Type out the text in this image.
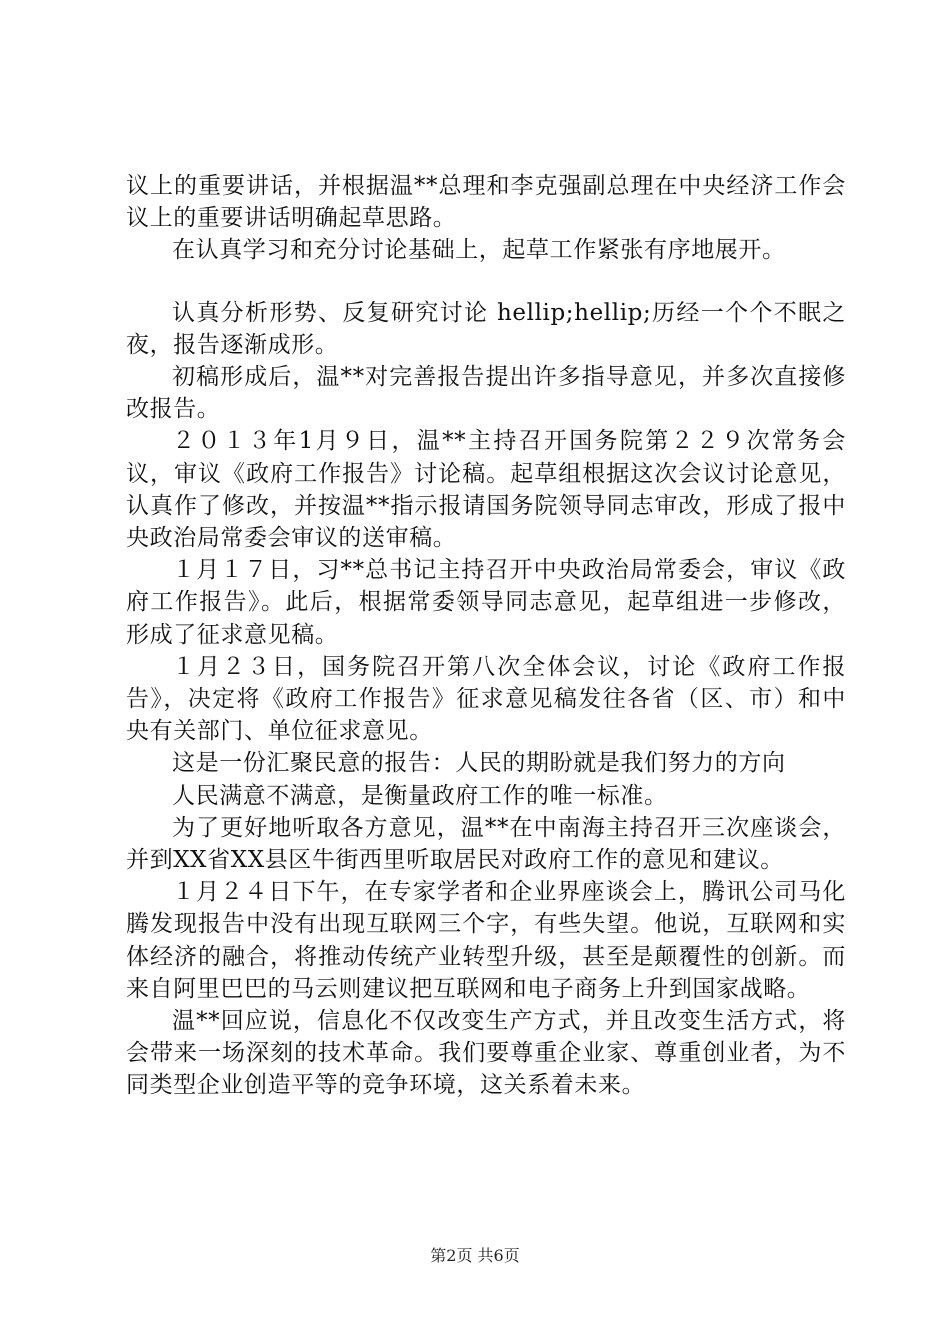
议上的重要讲话，并根据温**总理和李克强副总理在中央经济工作会议上的重要讲话明确起草思路。

在认真学习和充分讨论基础上，起草工作紧张有序地展开。

认真分析形势、反复研究讨论 hellip;hellip;历经一个个不眠之夜，报告逐渐成形。

初稿形成后，温**对完善报告提出许多指导意见，并多次直接修改报告。

２０１３年1月９日，温**主持召开国务院第２２９次常务会议，审议《政府工作报告》讨论稿。起草组根据这次会议讨论意见，认真作了修改，并按温**指示报请国务院领导同志审改，形成了报中央政治局常委会审议的送审稿。

１月１７日，习**总书记主持召开中央政治局常委会，审议《政府工作报告》。此后，根据常委领导同志意见，起草组进一步修改，形成了征求意见稿。

１月２３日，国务院召开第八次全体会议，讨论《政府工作报告》，决定将《政府工作报告》征求意见稿发往各省（区、市）和中央有关部门、单位征求意见。

这是一份汇聚民意的报告：人民的期盼就是我们努力的方向

人民满意不满意，是衡量政府工作的唯一标准。

为了更好地听取各方意见，温**在中南海主持召开三次座谈会，并到XX省XX县区牛街西里听取居民对政府工作的意见和建议。

１月２４日下午，在专家学者和企业界座谈会上，腾讯公司马化腾发现报告中没有出现互联网三个字，有些失望。他说，互联网和实体经济的融合，将推动传统产业转型升级，甚至是颠覆性的创新。而来自阿里巴巴的马云则建议把互联网和电子商务上升到国家战略。

温**回应说，信息化不仅改变生产方式，并且改变生活方式，将会带来一场深刻的技术革命。我们要尊重企业家、尊重创业者，为不同类型企业创造平等的竞争环境，这关系着未来。

第2页 共6页
